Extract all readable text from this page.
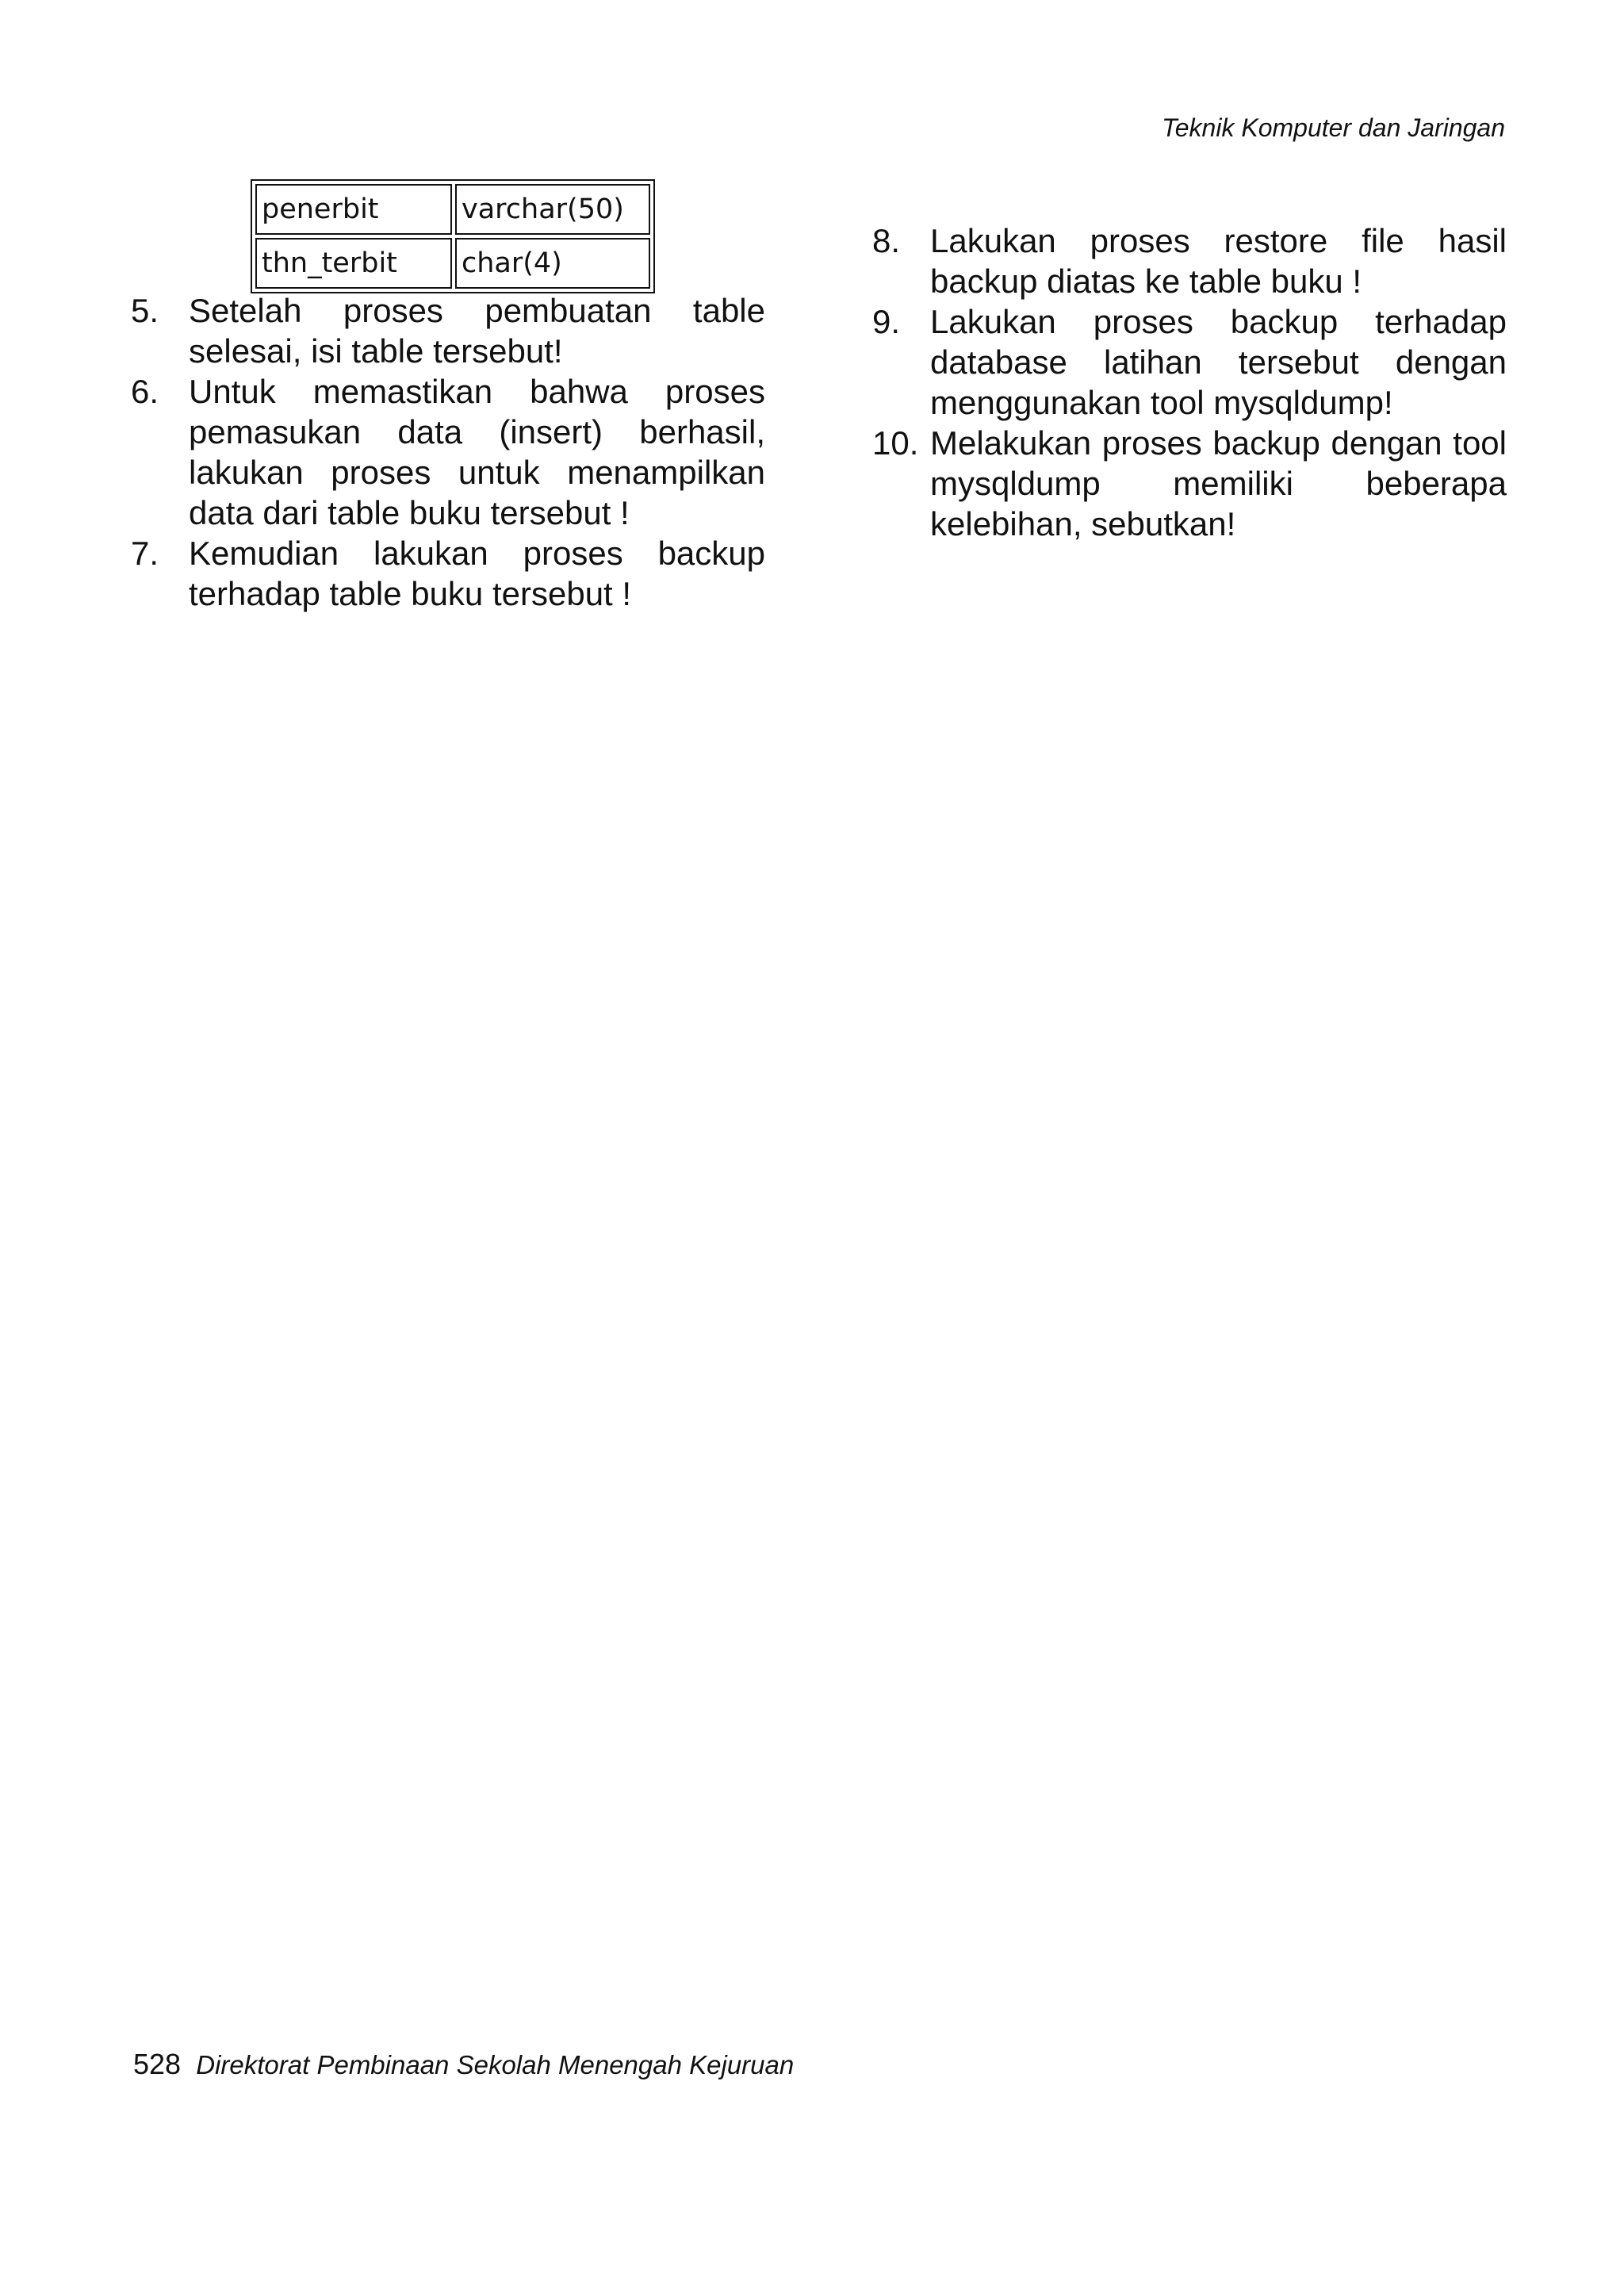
Teknik Komputer dan Jaringan
penerbit	varchar(50)
thn_terbit	char(4)
5. Setelah proses pembuatan table selesai, isi table tersebut!
6. Untuk memastikan bahwa proses pemasukan data (insert) berhasil, lakukan proses untuk menampilkan data dari table buku tersebut !
7. Kemudian lakukan proses backup terhadap table buku tersebut !
8. Lakukan proses restore file hasil backup diatas ke table buku !
9. Lakukan proses backup terhadap database latihan tersebut dengan menggunakan tool mysqldump!
10. Melakukan proses backup dengan tool mysqldump memiliki beberapa kelebihan, sebutkan!
528 Direktorat Pembinaan Sekolah Menengah Kejuruan
